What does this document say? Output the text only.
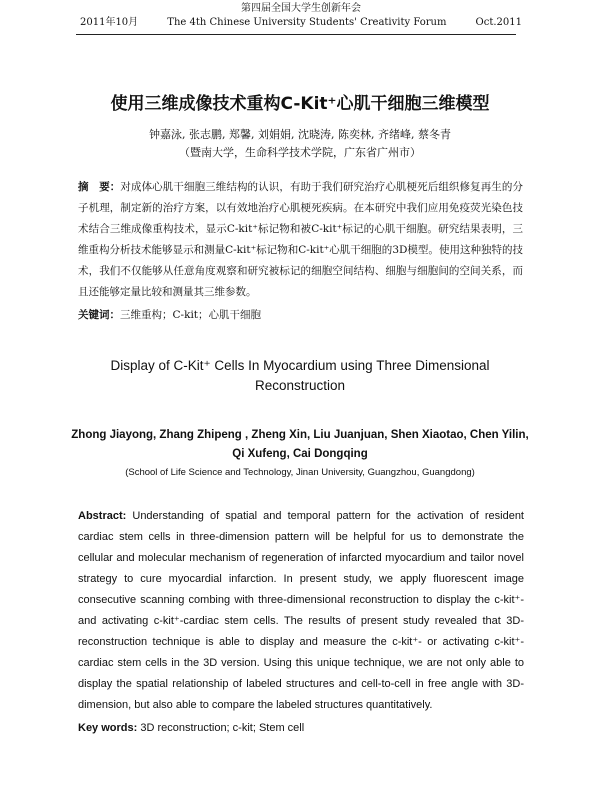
第四届全国大学生创新年会
2011年10月	The 4th Chinese University Students' Creativity Forum	Oct.2011
使用三维成像技术重构C-Kit⁺心肌干细胞三维模型
钟嘉泳, 张志鹏, 郑馨, 刘娟娟, 沈晓涛, 陈奕林, 齐绪峰, 蔡冬青
（暨南大学，生命科学技术学院，广东省广州市）
摘　要：对成体心肌干细胞三维结构的认识，有助于我们研究治疗心肌梗死后组织修复再生的分子机理，制定新的治疗方案，以有效地治疗心肌梗死疾病。在本研究中我们应用免疫荧光染色技术结合三维成像重构技术，显示C-kit⁺标记物和被C-kit⁺标记的心肌干细胞。研究结果表明，三维重构分析技术能够显示和测量C-kit⁺标记物和C-kit⁺心肌干细胞的3D模型。使用这种独特的技术，我们不仅能够从任意角度观察和研究被标记的细胞空间结构、细胞与细胞间的空间关系，而且还能够定量比较和测量其三维参数。
关键词：三维重构；C-kit；心肌干细胞
Display of C-Kit⁺ Cells In Myocardium using Three Dimensional Reconstruction
Zhong Jiayong, Zhang Zhipeng , Zheng Xin, Liu Juanjuan, Shen Xiaotao, Chen Yilin, Qi Xufeng, Cai Dongqing
(School of Life Science and Technology, Jinan University, Guangzhou, Guangdong)
Abstract: Understanding of spatial and temporal pattern for the activation of resident cardiac stem cells in three-dimension pattern will be helpful for us to demonstrate the cellular and molecular mechanism of regeneration of infarcted myocardium and tailor novel strategy to cure myocardial infarction. In present study, we apply fluorescent image consecutive scanning combing with three-dimensional reconstruction to display the c-kit⁺- and activating c-kit⁺-cardiac stem cells. The results of present study revealed that 3D-reconstruction technique is able to display and measure the c-kit⁺- or activating c-kit⁺-cardiac stem cells in the 3D version. Using this unique technique, we are not only able to display the spatial relationship of labeled structures and cell-to-cell in free angle with 3D-dimension, but also able to compare the labeled structures quantitatively.
Key words: 3D reconstruction; c-kit; Stem cell
